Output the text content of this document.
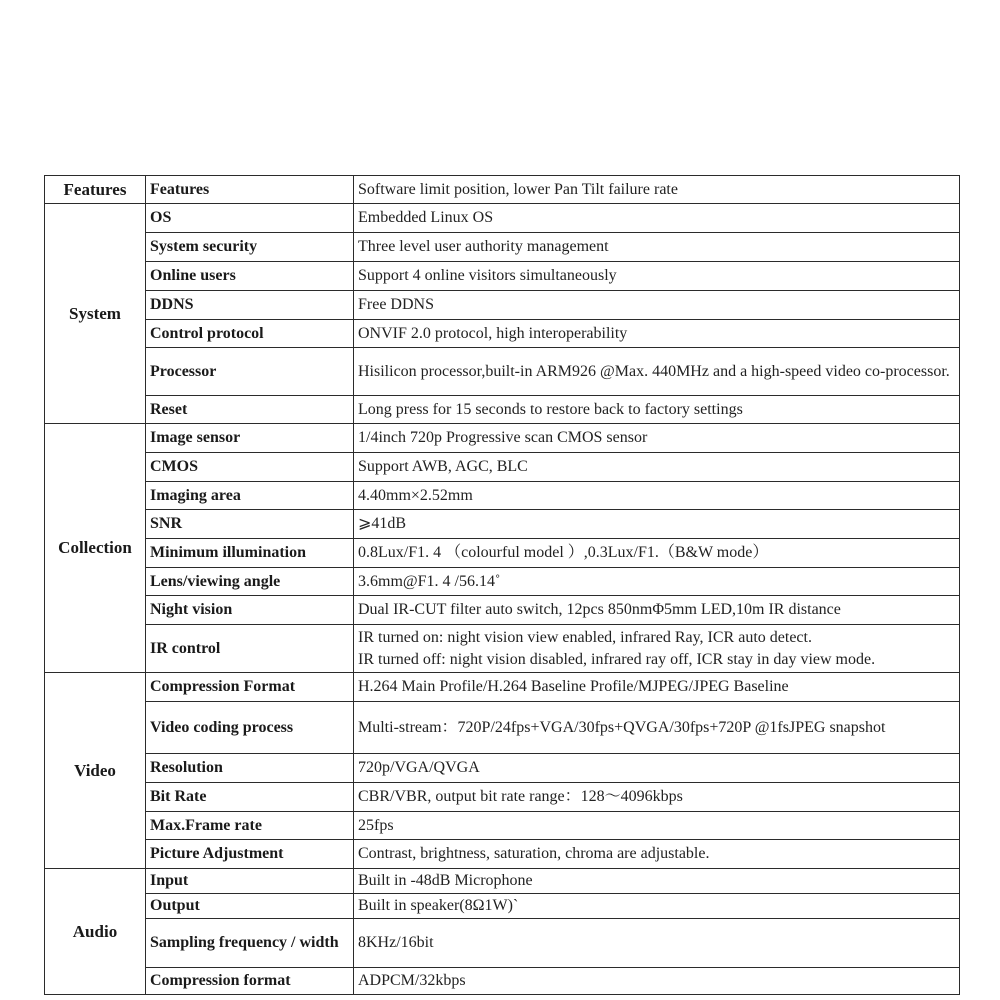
Features	Features	Software limit position, lower Pan Tilt failure rate
System	OS	Embedded Linux OS
	System security	Three level user authority management
	Online users	Support 4 online visitors simultaneously
	DDNS	Free DDNS
	Control protocol	ONVIF 2.0 protocol, high interoperability
	Processor	Hisilicon processor,built-in ARM926 @Max. 440MHz and a high-speed video co-processor.
	Reset	Long press for 15 seconds to restore back to factory settings
Collection	Image sensor	1/4inch 720p Progressive scan CMOS sensor
	CMOS	Support AWB, AGC, BLC
	Imaging area	4.40mm×2.52mm
	SNR	⩾41dB
	Minimum illumination	0.8Lux/F1. 4 （colourful model ）,0.3Lux/F1.（B&W mode）
	Lens/viewing angle	3.6mm@F1. 4 /56.14˚
	Night vision	Dual IR-CUT filter auto switch, 12pcs 850nmΦ5mm LED,10m IR distance
	IR control	IR turned on: night vision view enabled, infrared Ray, ICR auto detect.
IR turned off: night vision disabled, infrared ray off, ICR stay in day view mode.
Video	Compression Format	H.264 Main Profile/H.264 Baseline Profile/MJPEG/JPEG Baseline
	Video coding process	Multi-stream：720P/24fps+VGA/30fps+QVGA/30fps+720P @1fsJPEG snapshot
	Resolution	720p/VGA/QVGA
	Bit Rate	CBR/VBR, output bit rate range：128～4096kbps
	Max.Frame rate	25fps
	Picture Adjustment	Contrast, brightness, saturation, chroma are adjustable.
Audio	Input	Built in -48dB Microphone
	Output	Built in speaker(8Ω1W)`
	Sampling frequency / width	8KHz/16bit
	Compression format	ADPCM/32kbps
